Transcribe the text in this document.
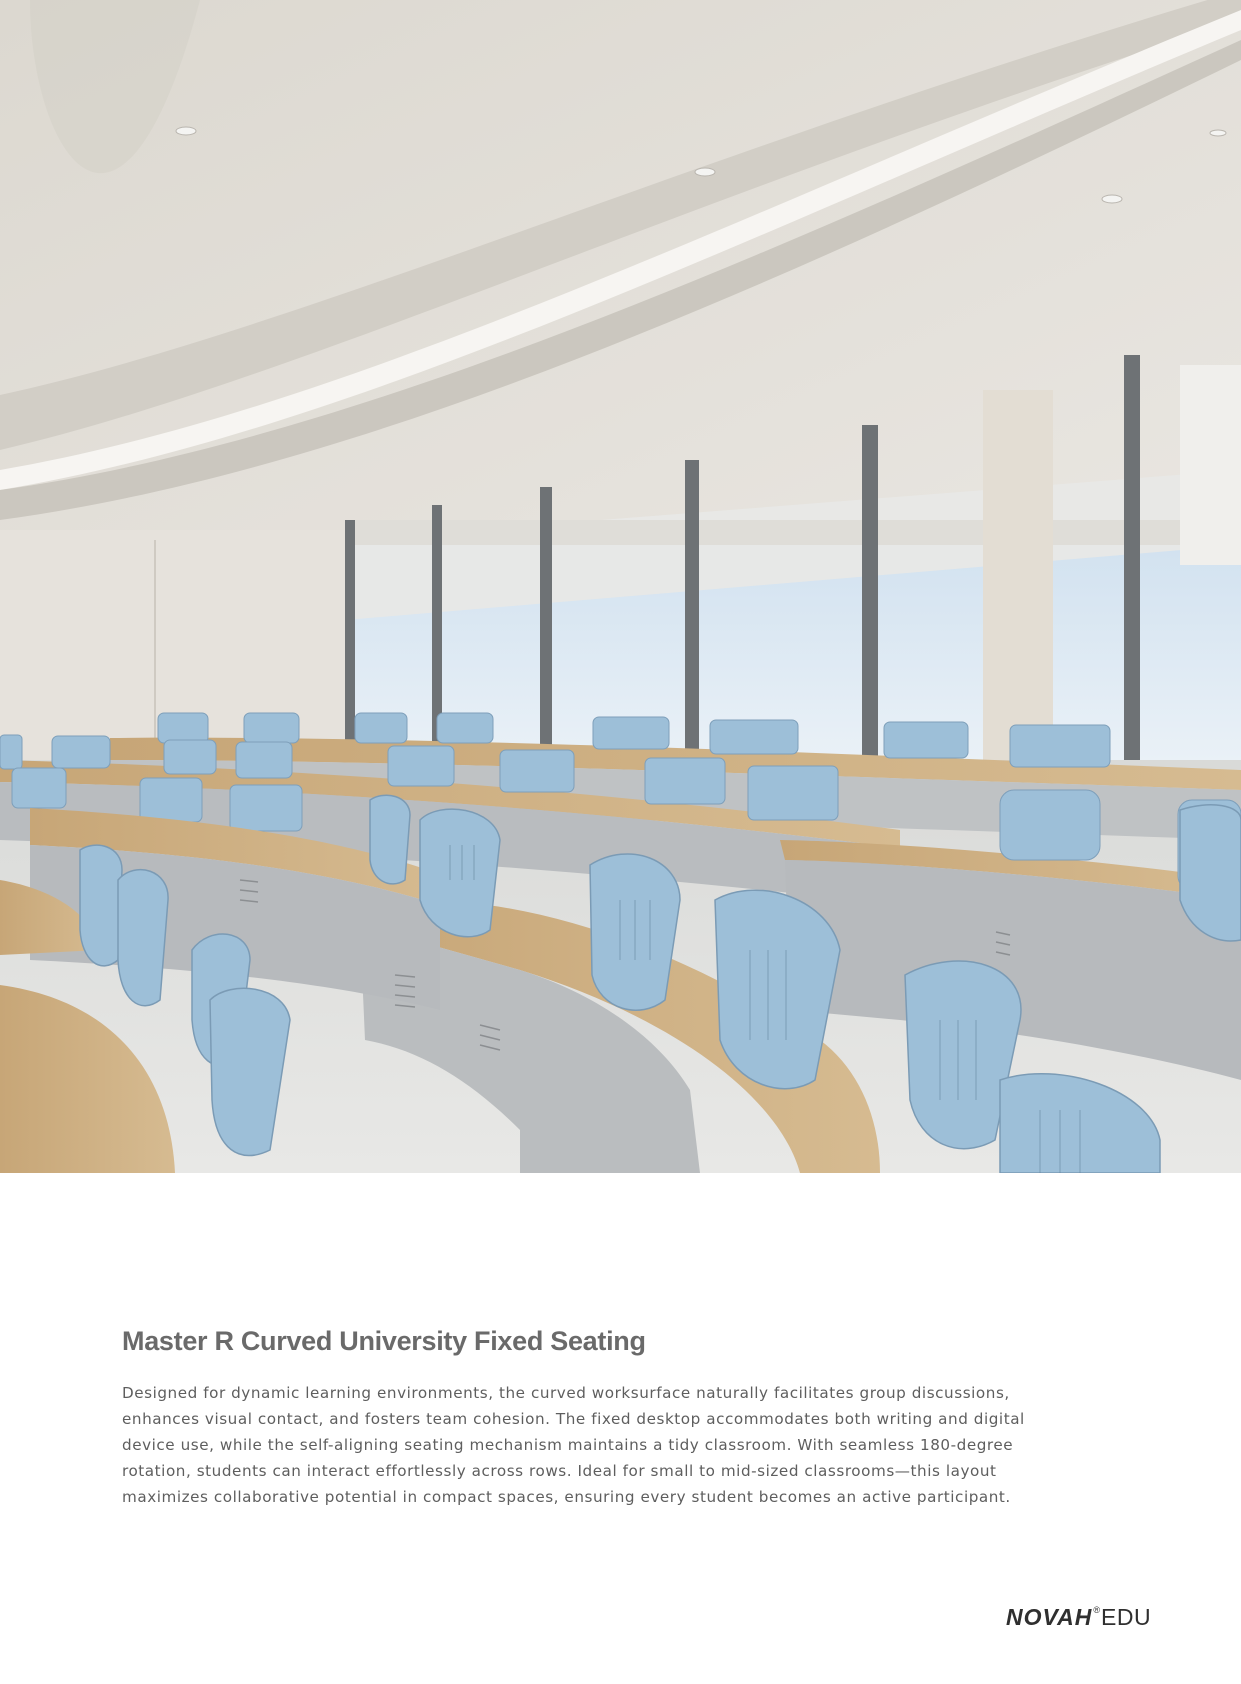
Master R Curved University Fixed Seating
Designed for dynamic learning environments, the curved worksurface naturally facilitates group discussions,
enhances visual contact, and fosters team cohesion. The fixed desktop accommodates both writing and digital
device use, while the self-aligning seating mechanism maintains a tidy classroom. With seamless 180-degree
rotation, students can interact effortlessly across rows. Ideal for small to mid-sized classrooms—this layout
maximizes collaborative potential in compact spaces, ensuring every student becomes an active participant.
NOVAH ® EDU
